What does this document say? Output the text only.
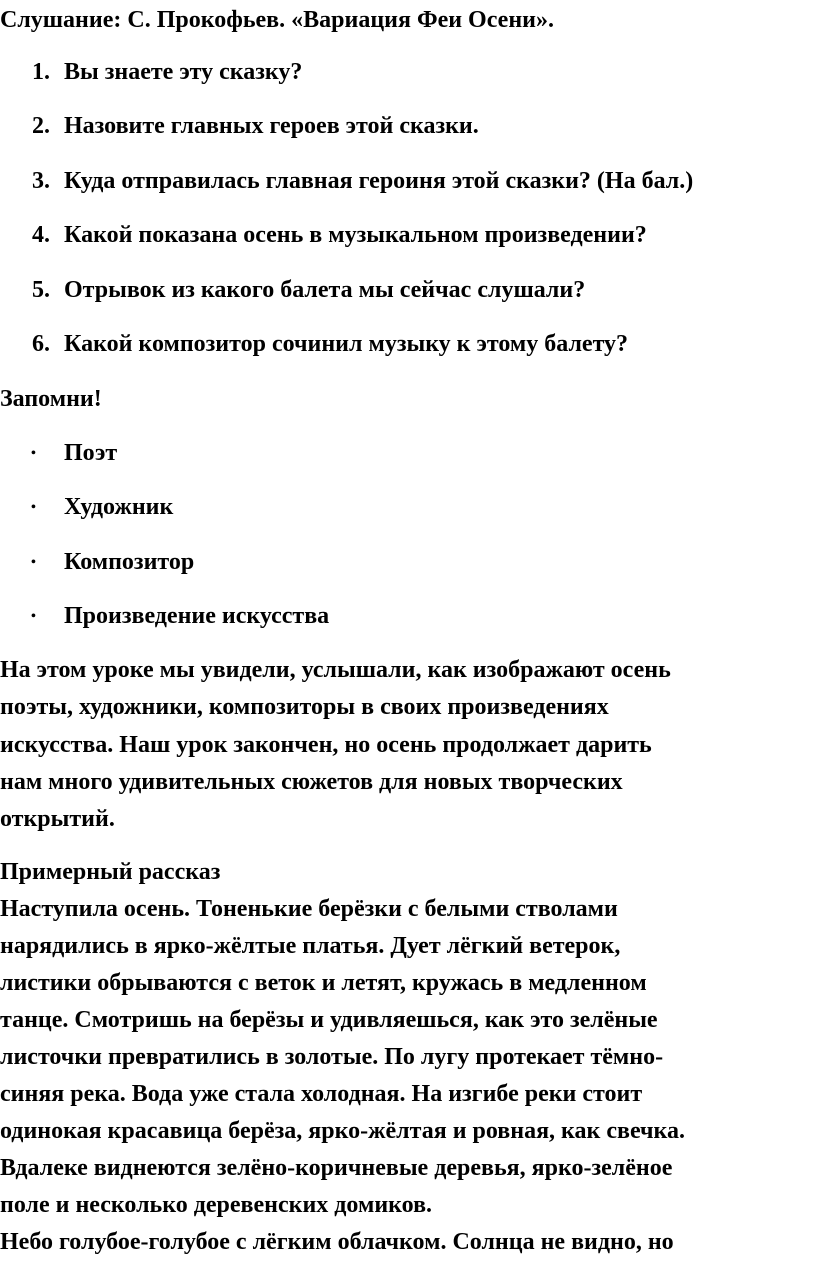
Слушание: С. Прокофьев. «Вариация Феи Осени».
1. Вы знаете эту сказку?
2. Назовите главных героев этой сказки.
3. Куда отправилась главная героиня этой сказки? (На бал.)
4. Какой показана осень в музыкальном произведении?
5. Отрывок из какого балета мы сейчас слушали?
6. Какой композитор сочинил музыку к этому балету?
Запомни!
• Поэт
• Художник
• Композитор
• Произведение искусства
На этом уроке мы увидели, услышали, как изображают осень
поэты, художники, композиторы в своих произведениях
искусства. Наш урок закончен, но осень продолжает дарить
нам много удивительных сюжетов для новых творческих
открытий.
Примерный рассказ
Наступила осень. Тоненькие берёзки с белыми стволами
нарядились в ярко-жёлтые платья. Дует лёгкий ветерок,
листики обрываются с веток и летят, кружась в медленном
танце. Смотришь на берёзы и удивляешься, как это зелёные
листочки превратились в золотые. По лугу протекает тёмно-
синяя река. Вода уже стала холодная. На изгибе реки стоит
одинокая красавица берёза, ярко-жёлтая и ровная, как свечка.
Вдалеке виднеются зелёно-коричневые деревья, ярко-зелёное
поле и несколько деревенских домиков.
Небо голубое-голубое с лёгким облачком. Солнца не видно, но
